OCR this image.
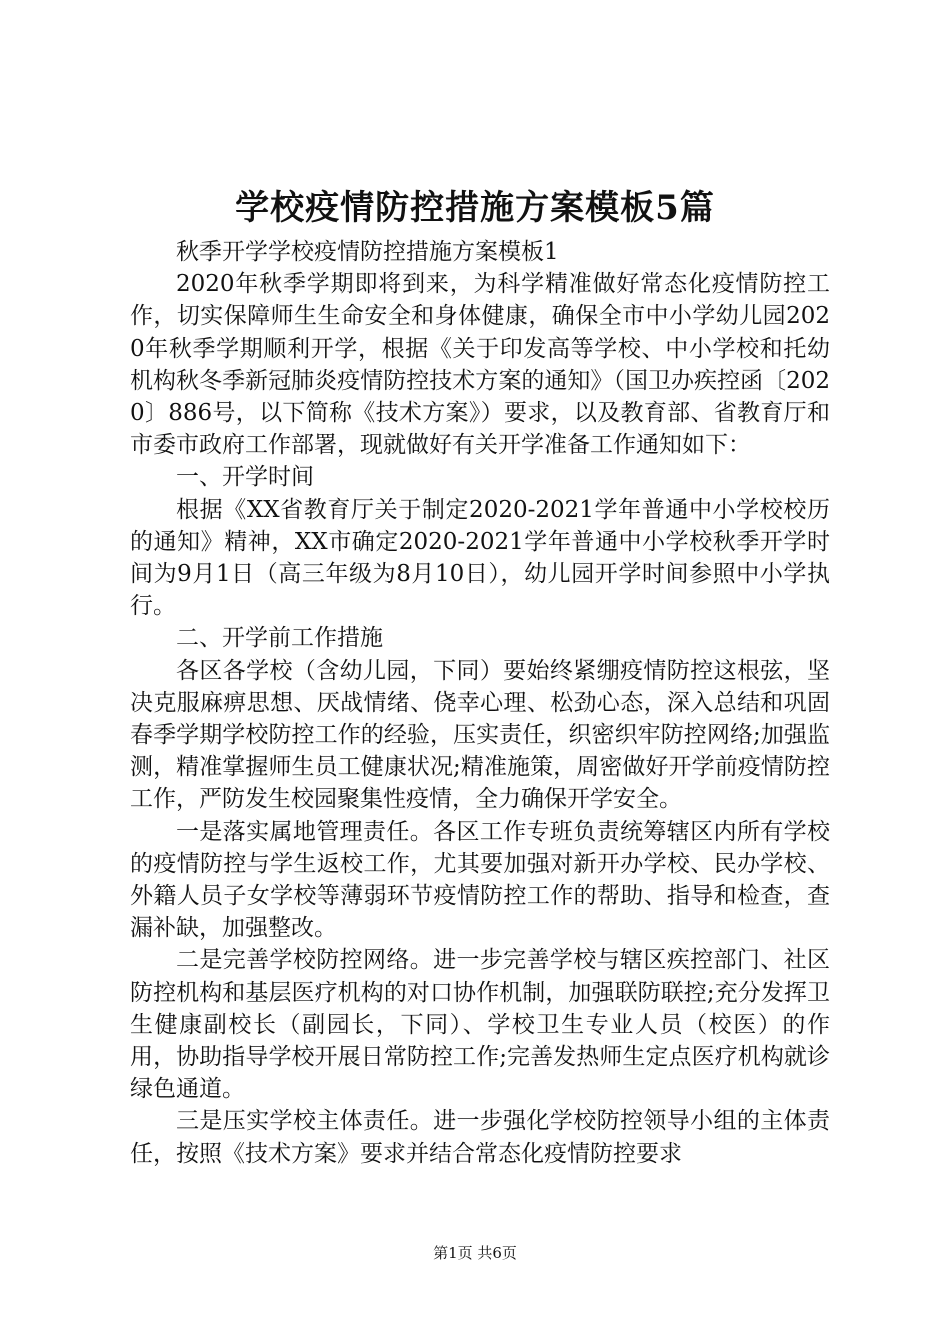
学校疫情防控措施方案模板5篇

秋季开学学校疫情防控措施方案模板1

2020年秋季学期即将到来，为科学精准做好常态化疫情防控工作，切实保障师生生命安全和身体健康，确保全市中小学幼儿园2020年秋季学期顺利开学，根据《关于印发高等学校、中小学校和托幼机构秋冬季新冠肺炎疫情防控技术方案的通知》（国卫办疾控函〔2020〕886号，以下简称《技术方案》）要求，以及教育部、省教育厅和市委市政府工作部署，现就做好有关开学准备工作通知如下：

一、开学时间

根据《XX省教育厅关于制定2020-2021学年普通中小学校校历的通知》精神，XX市确定2020-2021学年普通中小学校秋季开学时间为9月1日（高三年级为8月10日），幼儿园开学时间参照中小学执行。

二、开学前工作措施

各区各学校（含幼儿园，下同）要始终紧绷疫情防控这根弦，坚决克服麻痹思想、厌战情绪、侥幸心理、松劲心态，深入总结和巩固春季学期学校防控工作的经验，压实责任，织密织牢防控网络;加强监测，精准掌握师生员工健康状况;精准施策，周密做好开学前疫情防控工作，严防发生校园聚集性疫情，全力确保开学安全。

一是落实属地管理责任。各区工作专班负责统筹辖区内所有学校的疫情防控与学生返校工作，尤其要加强对新开办学校、民办学校、外籍人员子女学校等薄弱环节疫情防控工作的帮助、指导和检查，查漏补缺，加强整改。

二是完善学校防控网络。进一步完善学校与辖区疾控部门、社区防控机构和基层医疗机构的对口协作机制，加强联防联控;充分发挥卫生健康副校长（副园长，下同）、学校卫生专业人员（校医）的作用，协助指导学校开展日常防控工作;完善发热师生定点医疗机构就诊绿色通道。

三是压实学校主体责任。进一步强化学校防控领导小组的主体责任，按照《技术方案》要求并结合常态化疫情防控要求

第1页 共6页
